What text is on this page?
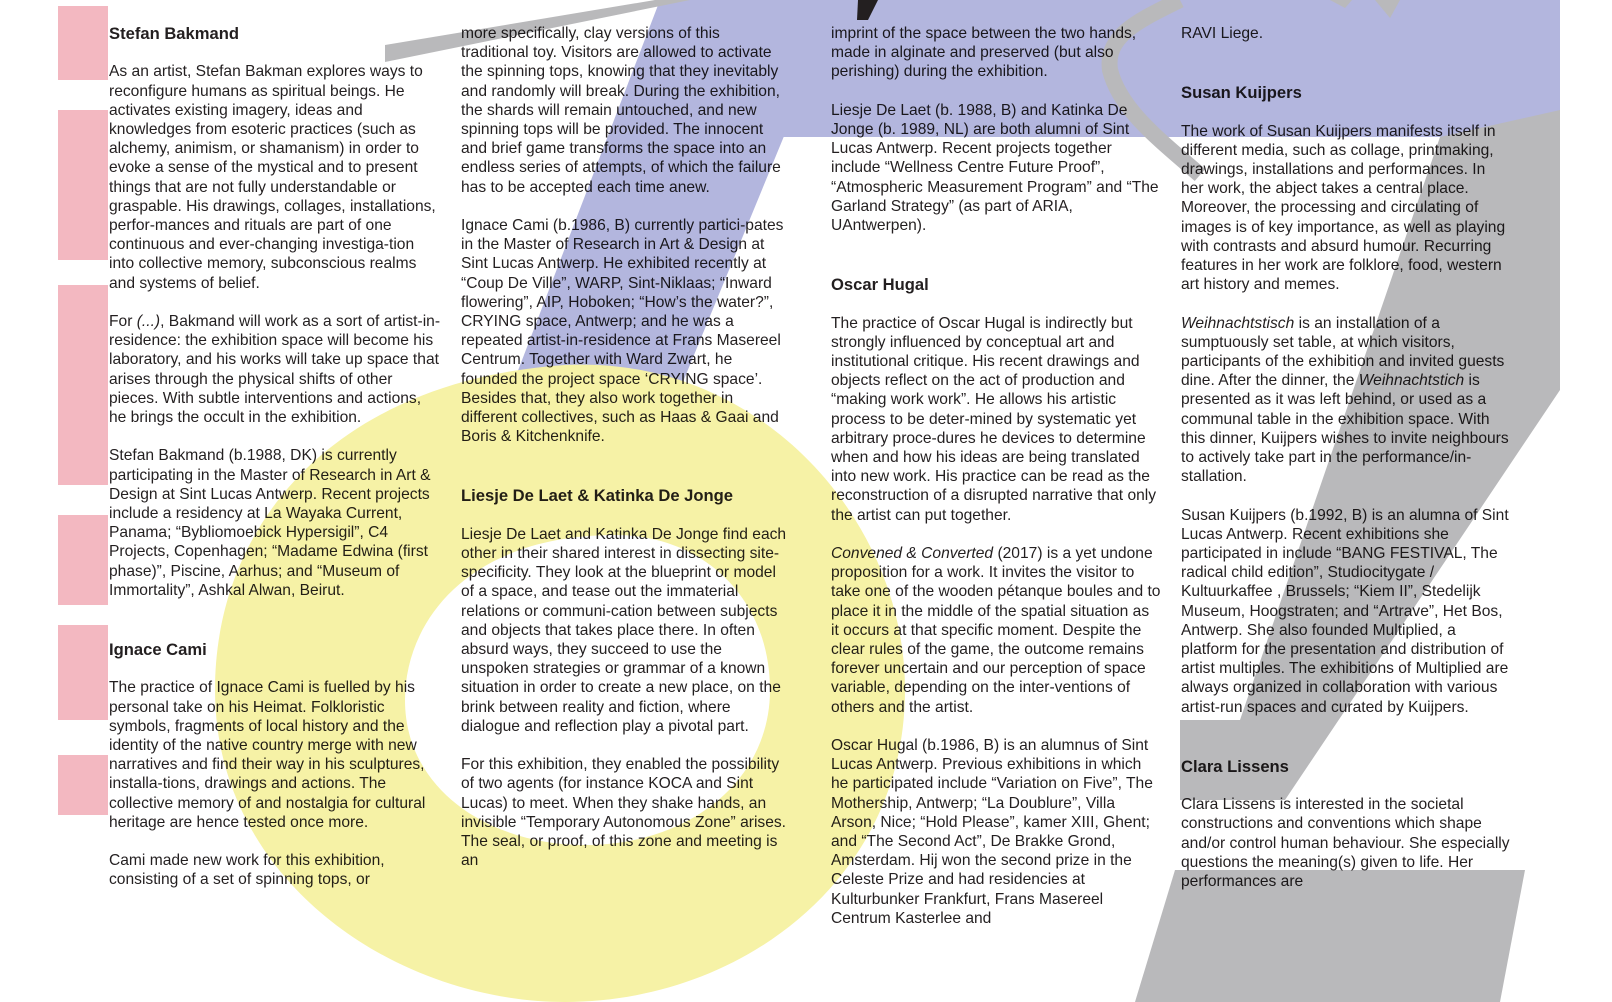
Stefan Bakmand

As an artist, Stefan Bakman explores ways to reconfigure humans as spiritual beings. He activates existing imagery, ideas and knowledges from esoteric practices (such as alchemy, animism, or shamanism) in order to evoke a sense of the mystical and to present things that are not fully understandable or graspable. His drawings, collages, installations, perfor-mances and rituals are part of one continuous and ever-changing investiga-tion into collective memory, subconscious realms and systems of belief.

For (...), Bakmand will work as a sort of artist-in-residence: the exhibition space will become his laboratory, and his works will take up space that arises through the physical shifts of other pieces. With subtle interventions and actions, he brings the occult in the exhibition.

Stefan Bakmand (b.1988, DK) is currently participating in the Master of Research in Art & Design at Sint Lucas Antwerp. Recent projects include a residency at La Wayaka Current, Panama; “Bybliomoebick Hypersigil”, C4 Projects, Copenhagen; “Madame Edwina (first phase)”, Piscine, Aarhus; and “Museum of Immortality”, Ashkal Alwan, Beirut.

Ignace Cami

The practice of Ignace Cami is fuelled by his personal take on his Heimat. Folkloristic symbols, fragments of local history and the identity of the native country merge with new narratives and find their way in his sculptures, installa-tions, drawings and actions. The collective memory of and nostalgia for cultural heritage are hence tested once more.

Cami made new work for this exhibition, consisting of a set of spinning tops, or

more specifically, clay versions of this traditional toy. Visitors are allowed to activate the spinning tops, knowing that they inevitably and randomly will break. During the exhibition, the shards will remain untouched, and new spinning tops will be provided. The innocent and brief game transforms the space into an endless series of attempts, of which the failure has to be accepted each time anew.

Ignace Cami (b.1986, B) currently partici-pates in the Master of Research in Art & Design at Sint Lucas Antwerp. He exhibited recently at “Coup De Ville”, WARP, Sint-Niklaas; “Inward flowering”, AIP, Hoboken; “How’s the water?”, CRYING space, Antwerp; and he was a repeated artist-in-residence at Frans Masereel Centrum. Together with Ward Zwart, he founded the project space ‘CRYING space’. Besides that, they also work together in different collectives, such as Haas & Gaai and Boris & Kitchenknife.

Liesje De Laet & Katinka De Jonge

Liesje De Laet and Katinka De Jonge find each other in their shared interest in dissecting site-specificity. They look at the blueprint or model of a space, and tease out the immaterial relations or communi-cation between subjects and objects that takes place there. In often absurd ways, they succeed to use the unspoken strategies or grammar of a known situation in order to create a new place, on the brink between reality and fiction, where dialogue and reflection play a pivotal part.

For this exhibition, they enabled the possibility of two agents (for instance KOCA and Sint Lucas) to meet. When they shake hands, an invisible “Temporary Autonomous Zone” arises. The seal, or proof, of this zone and meeting is an

imprint of the space between the two hands, made in alginate and preserved (but also perishing) during the exhibition.

Liesje De Laet (b. 1988, B) and Katinka De Jonge (b. 1989, NL) are both alumni of Sint Lucas Antwerp. Recent projects together include “Wellness Centre Future Proof”, “Atmospheric Measurement Program” and “The Garland Strategy” (as part of ARIA, UAntwerpen).

Oscar Hugal

The practice of Oscar Hugal is indirectly but strongly influenced by conceptual art and institutional critique. His recent drawings and objects reflect on the act of production and “making work work”. He allows his artistic process to be deter-mined by systematic yet arbitrary proce-dures he devices to determine when and how his ideas are being translated into new work. His practice can be read as the reconstruction of a disrupted narrative that only the artist can put together.

Convened & Converted (2017) is a yet undone proposition for a work. It invites the visitor to take one of the wooden pétanque boules and to place it in the middle of the spatial situation as it occurs at that specific moment. Despite the clear rules of the game, the outcome remains forever uncertain and our perception of space variable, depending on the inter-ventions of others and the artist.

Oscar Hugal (b.1986, B) is an alumnus of Sint Lucas Antwerp. Previous exhibitions in which he participated include “Variation on Five”, The Mothership, Antwerp; “La Doublure”, Villa Arson, Nice; “Hold Please”, kamer XIII, Ghent; and “The Second Act”, De Brakke Grond, Amsterdam. Hij won the second prize in the Celeste Prize and had residencies at Kulturbunker Frankfurt, Frans Masereel Centrum Kasterlee and

RAVI Liege.

Susan Kuijpers

The work of Susan Kuijpers manifests itself in different media, such as collage, printmaking, drawings, installations and performances. In her work, the abject takes a central place. Moreover, the processing and circulating of images is of key importance, as well as playing with contrasts and absurd humour. Recurring features in her work are folklore, food, western art history and memes.

Weihnachtstisch is an installation of a sumptuously set table, at which visitors, participants of the exhibition and invited guests dine. After the dinner, the Weihnachtstich is presented as it was left behind, or used as a communal table in the exhibition space. With this dinner, Kuijpers wishes to invite neighbours to actively take part in the performance/in-stallation.

Susan Kuijpers (b.1992, B) is an alumna of Sint Lucas Antwerp. Recent exhibitions she participated in include “BANG FESTIVAL, The radical child edition”, Studiocitygate / Kultuurkaffee , Brussels; “Kiem II”, Stedelijk Museum, Hoogstraten; and “Artrave”, Het Bos, Antwerp. She also founded Multiplied, a platform for the presentation and distribution of artist multiples. The exhibitions of Multiplied are always organized in collaboration with various artist-run spaces and curated by Kuijpers.

Clara Lissens

Clara Lissens is interested in the societal constructions and conventions which shape and/or control human behaviour. She especially questions the meaning(s) given to life. Her performances are
